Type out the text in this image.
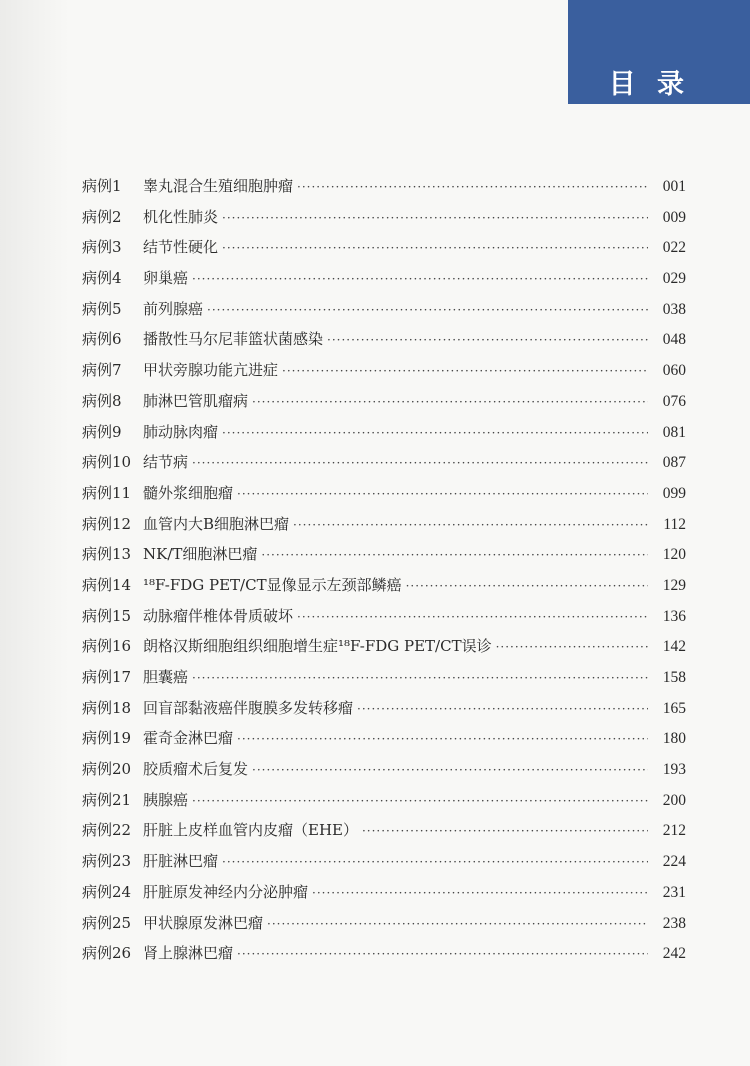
目 录
病例1	睾丸混合生殖细胞肿瘤 ·····	001
病例2	机化性肺炎 ·····	009
病例3	结节性硬化 ·····	022
病例4	卵巢癌 ·····	029
病例5	前列腺癌 ·····	038
病例6	播散性马尔尼菲篮状菌感染 ·····	048
病例7	甲状旁腺功能亢进症 ·····	060
病例8	肺淋巴管肌瘤病 ·····	076
病例9	肺动脉肉瘤 ·····	081
病例10 结节病 ·····	087
病例11 髓外浆细胞瘤 ·····	099
病例12 血管内大B细胞淋巴瘤 ·····	112
病例13 NK/T细胞淋巴瘤 ·····	120
病例14 ¹⁸F-FDG PET/CT显像显示左颈部鳞癌 ·····	129
病例15 动脉瘤伴椎体骨质破坏 ·····	136
病例16 朗格汉斯细胞组织细胞增生症¹⁸F-FDG PET/CT误诊 ·····	142
病例17 胆囊癌 ·····	158
病例18 回盲部黏液癌伴腹膜多发转移瘤 ·····	165
病例19 霍奇金淋巴瘤 ·····	180
病例20 胶质瘤术后复发 ·····	193
病例21 胰腺癌 ·····	200
病例22 肝脏上皮样血管内皮瘤（EHE） ·····	212
病例23 肝脏淋巴瘤 ·····	224
病例24 肝脏原发神经内分泌肿瘤 ·····	231
病例25 甲状腺原发淋巴瘤 ·····	238
病例26 肾上腺淋巴瘤 ·····	242
